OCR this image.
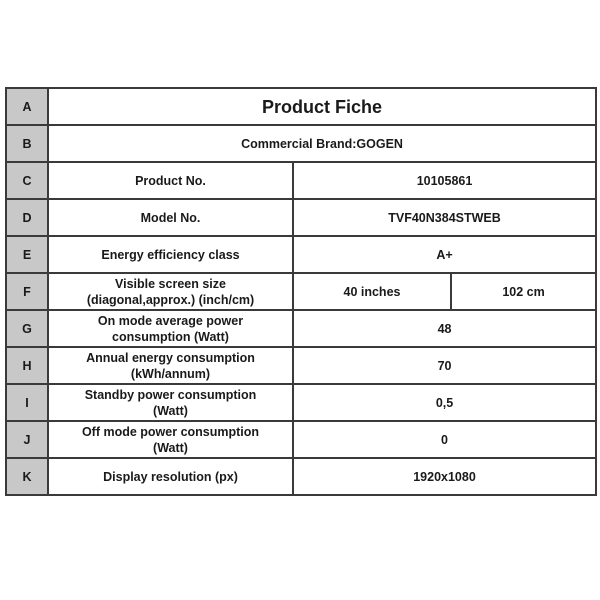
A	Product Fiche		
B	Commercial Brand:GOGEN		
C	Product No.	10105861	
D	Model No.	TVF40N384STWEB	
E	Energy efficiency class	A+	
F	Visible screen size
(diagonal,approx.) (inch/cm)	40 inches	102 cm
G	On mode average power
consumption (Watt)	48	
H	Annual energy consumption
(kWh/annum)	70	
I	Standby power consumption
(Watt)	0,5	
J	Off mode power consumption
(Watt)	0	
K	Display resolution (px)	1920x1080	
